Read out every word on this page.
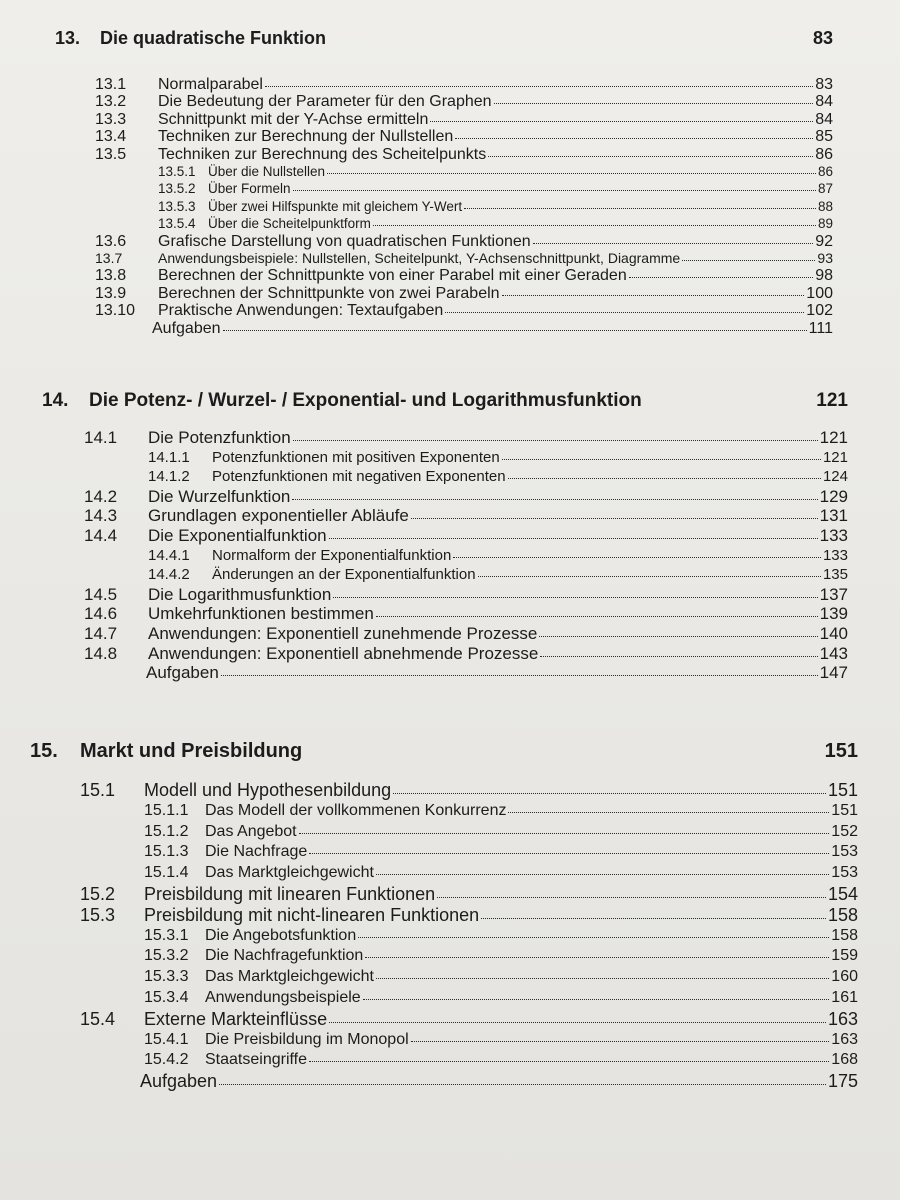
13. Die quadratische Funktion	83
13.1	Normalparabel	83
13.2	Die Bedeutung der Parameter für den Graphen	84
13.3	Schnittpunkt mit der Y-Achse ermitteln	84
13.4	Techniken zur Berechnung der Nullstellen	85
13.5	Techniken zur Berechnung des Scheitelpunkts	86
13.5.1 Über die Nullstellen	86
13.5.2 Über Formeln	87
13.5.3 Über zwei Hilfspunkte mit gleichem Y-Wert	88
13.5.4 Über die Scheitelpunktform	89
13.6	Grafische Darstellung von quadratischen Funktionen	92
13.7	Anwendungsbeispiele: Nullstellen, Scheitelpunkt, Y-Achsenschnittpunkt, Diagramme	93
13.8	Berechnen der Schnittpunkte von einer Parabel mit einer Geraden	98
13.9	Berechnen der Schnittpunkte von zwei Parabeln	100
13.10	Praktische Anwendungen: Textaufgaben	102
Aufgaben	111
14. Die Potenz- / Wurzel- / Exponential- und Logarithmusfunktion	121
14.1	Die Potenzfunktion	121
14.1.1	Potenzfunktionen mit positiven Exponenten	121
14.1.2	Potenzfunktionen mit negativen Exponenten	124
14.2	Die Wurzelfunktion	129
14.3	Grundlagen exponentieller Abläufe	131
14.4	Die Exponentialfunktion	133
14.4.1	Normalform der Exponentialfunktion	133
14.4.2	Änderungen an der Exponentialfunktion	135
14.5	Die Logarithmusfunktion	137
14.6	Umkehrfunktionen bestimmen	139
14.7	Anwendungen: Exponentiell zunehmende Prozesse	140
14.8	Anwendungen: Exponentiell abnehmende Prozesse	143
Aufgaben	147
15. Markt und Preisbildung	151
15.1	Modell und Hypothesenbildung	151
15.1.1	Das Modell der vollkommenen Konkurrenz	151
15.1.2	Das Angebot	152
15.1.3	Die Nachfrage	153
15.1.4	Das Marktgleichgewicht	153
15.2	Preisbildung mit linearen Funktionen	154
15.3	Preisbildung mit nicht-linearen Funktionen	158
15.3.1	Die Angebotsfunktion	158
15.3.2	Die Nachfragefunktion	159
15.3.3	Das Marktgleichgewicht	160
15.3.4	Anwendungsbeispiele	161
15.4	Externe Markteinflüsse	163
15.4.1	Die Preisbildung im Monopol	163
15.4.2	Staatseingriffe	168
Aufgaben	175
